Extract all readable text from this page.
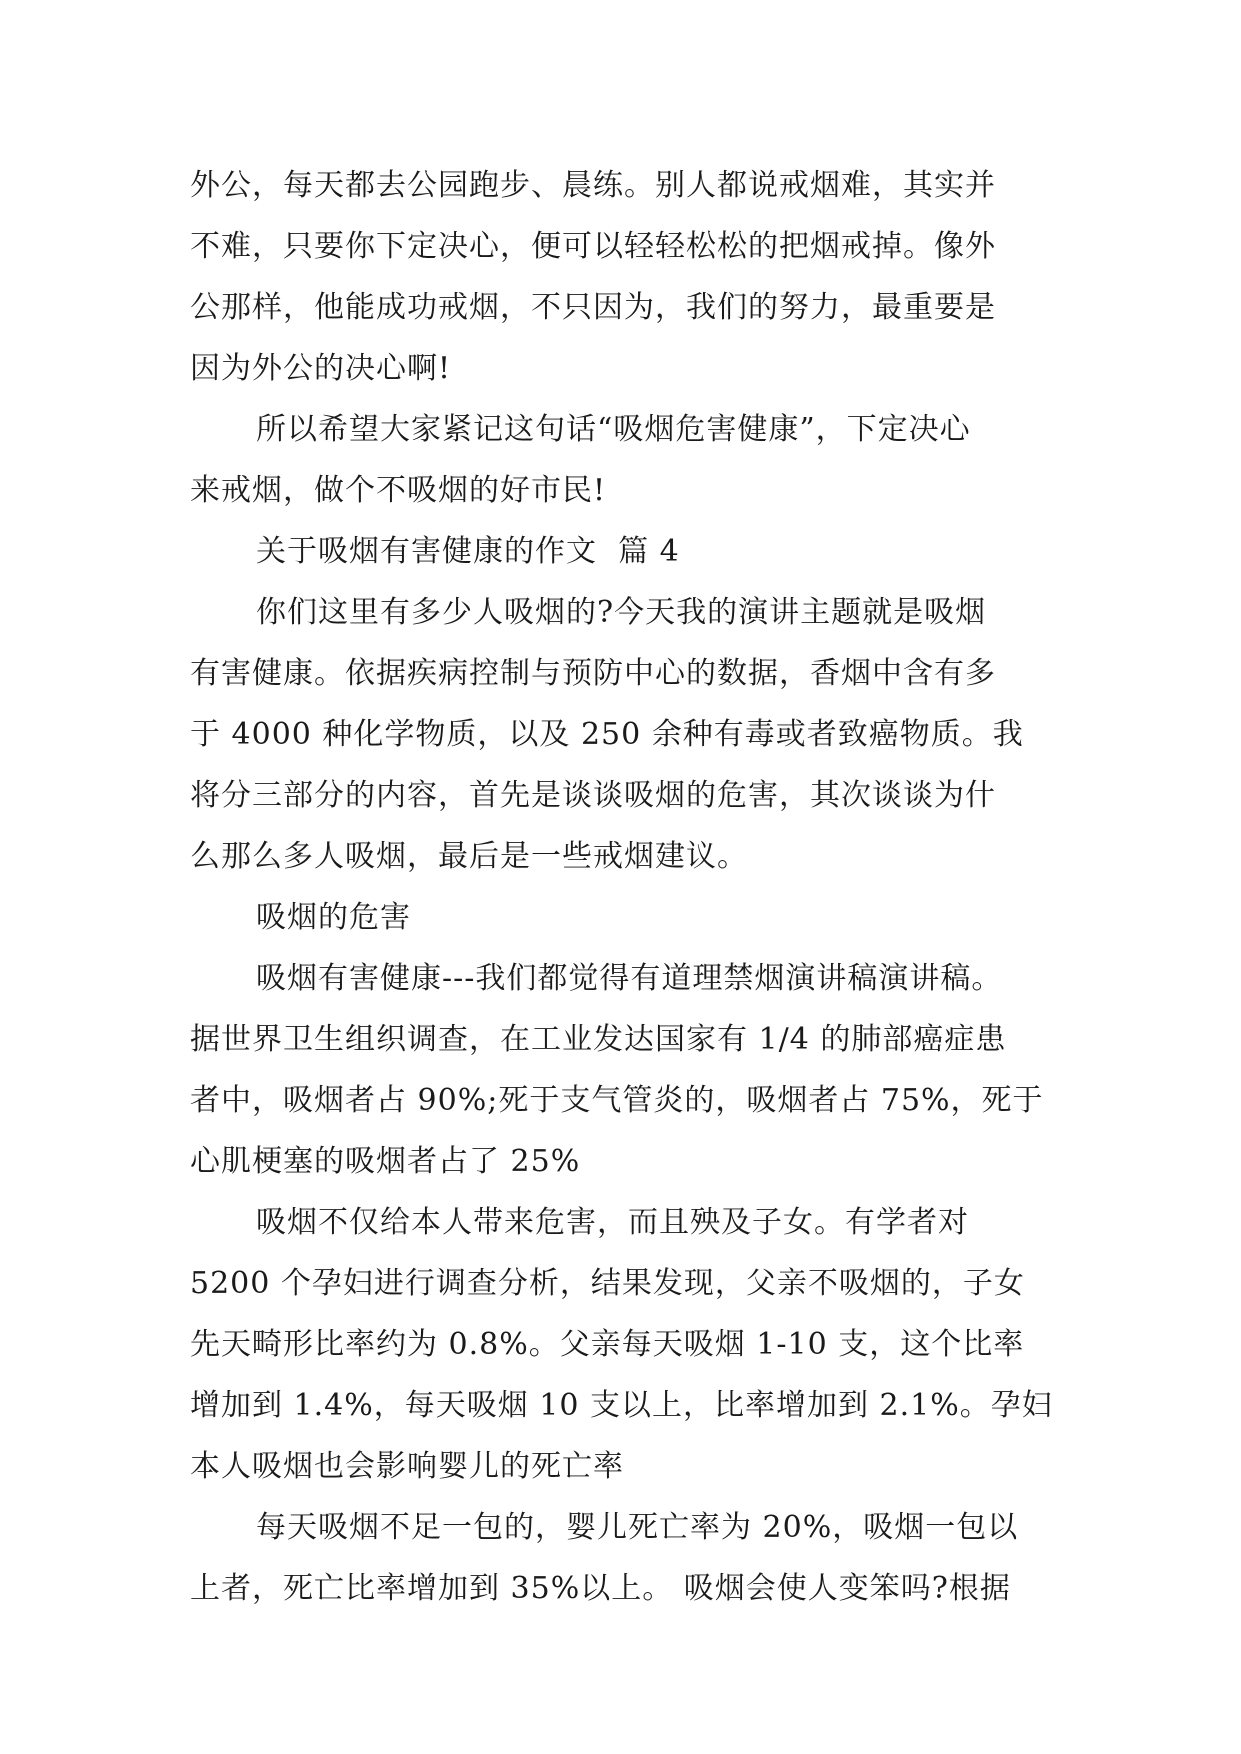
外公，每天都去公园跑步、晨练。别人都说戒烟难，其实并
不难，只要你下定决心，便可以轻轻松松的把烟戒掉。像外
公那样，他能成功戒烟，不只因为，我们的努力，最重要是
因为外公的决心啊!
所以希望大家紧记这句话“吸烟危害健康”，下定决心
来戒烟，做个不吸烟的好市民!
关于吸烟有害健康的作文  篇 4
你们这里有多少人吸烟的?今天我的演讲主题就是吸烟
有害健康。依据疾病控制与预防中心的数据，香烟中含有多
于 4000 种化学物质，以及 250 余种有毒或者致癌物质。我
将分三部分的内容，首先是谈谈吸烟的危害，其次谈谈为什
么那么多人吸烟，最后是一些戒烟建议。
吸烟的危害
吸烟有害健康---我们都觉得有道理禁烟演讲稿演讲稿。
据世界卫生组织调查，在工业发达国家有 1/4 的肺部癌症患
者中，吸烟者占 90%;死于支气管炎的，吸烟者占 75%，死于
心肌梗塞的吸烟者占了 25%
吸烟不仅给本人带来危害，而且殃及子女。有学者对
5200 个孕妇进行调查分析，结果发现，父亲不吸烟的，子女
先天畸形比率约为 0.8%。父亲每天吸烟 1-10 支，这个比率
增加到 1.4%，每天吸烟 10 支以上，比率增加到 2.1%。孕妇
本人吸烟也会影响婴儿的死亡率
每天吸烟不足一包的，婴儿死亡率为 20%，吸烟一包以
上者，死亡比率增加到 35%以上。 吸烟会使人变笨吗?根据
